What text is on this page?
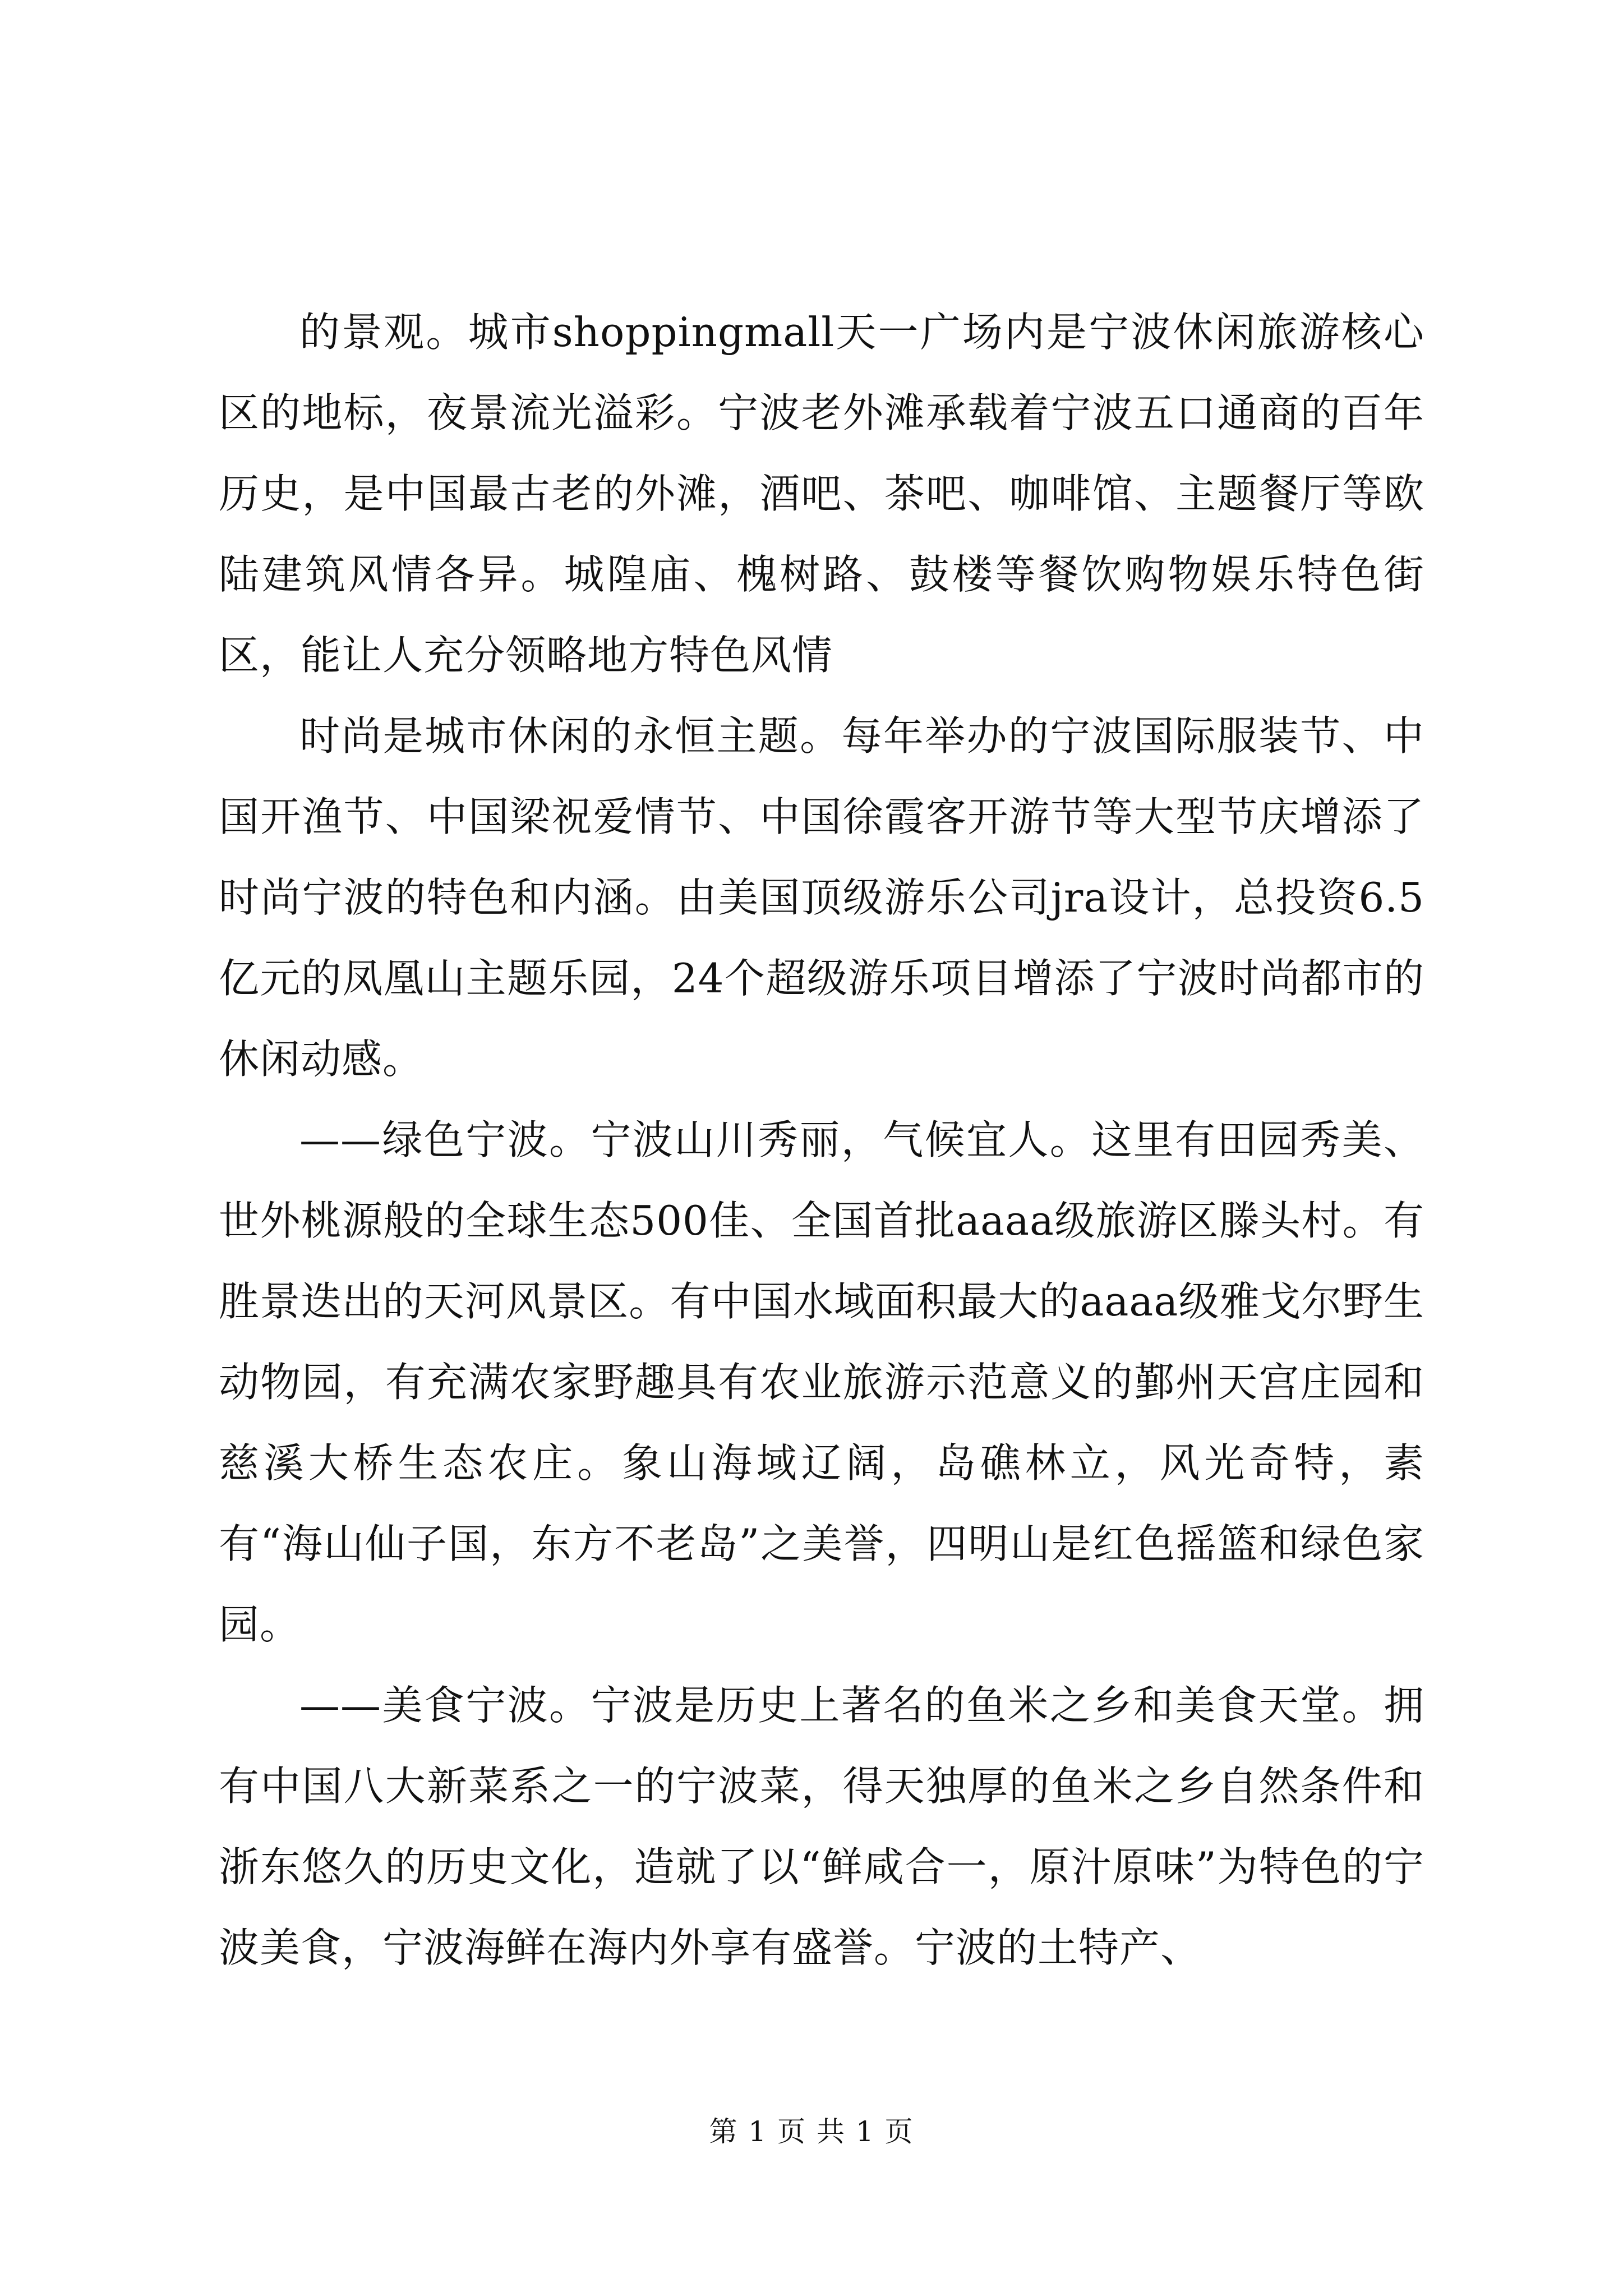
的景观。城市shoppingmall天一广场内是宁波休闲旅游核心区的地标，夜景流光溢彩。宁波老外滩承载着宁波五口通商的百年历史，是中国最古老的外滩，酒吧、茶吧、咖啡馆、主题餐厅等欧陆建筑风情各异。城隍庙、槐树路、鼓楼等餐饮购物娱乐特色街区，能让人充分领略地方特色风情

时尚是城市休闲的永恒主题。每年举办的宁波国际服装节、中国开渔节、中国梁祝爱情节、中国徐霞客开游节等大型节庆增添了时尚宁波的特色和内涵。由美国顶级游乐公司jra设计，总投资6.5亿元的凤凰山主题乐园，24个超级游乐项目增添了宁波时尚都市的休闲动感。

——绿色宁波。宁波山川秀丽，气候宜人。这里有田园秀美、世外桃源般的全球生态500佳、全国首批aaaa级旅游区滕头村。有胜景迭出的天河风景区。有中国水域面积最大的aaaa级雅戈尔野生动物园，有充满农家野趣具有农业旅游示范意义的鄞州天宫庄园和慈溪大桥生态农庄。象山海域辽阔，岛礁林立，风光奇特，素有“海山仙子国，东方不老岛”之美誉，四明山是红色摇篮和绿色家园。

——美食宁波。宁波是历史上著名的鱼米之乡和美食天堂。拥有中国八大新菜系之一的宁波菜，得天独厚的鱼米之乡自然条件和浙东悠久的历史文化，造就了以“鲜咸合一，原汁原味”为特色的宁波美食，宁波海鲜在海内外享有盛誉。宁波的土特产、

第 1 页 共 1 页
